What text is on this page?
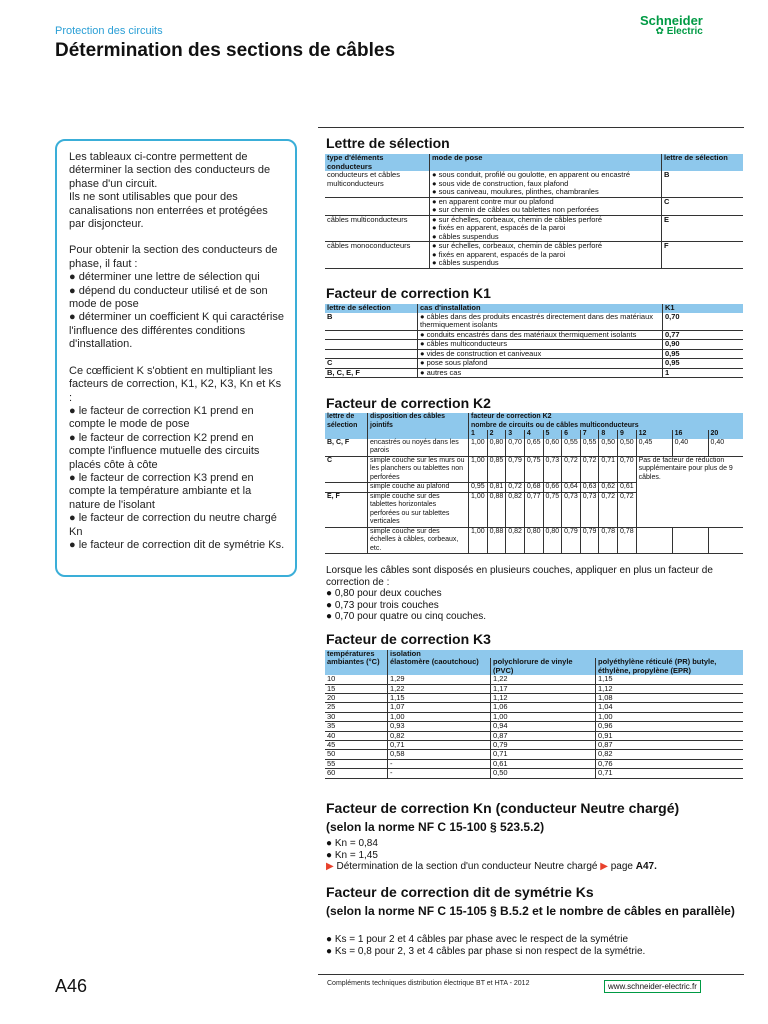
Protection des circuits
Détermination des sections de câbles
Schneider
✿ Electric

Les tableaux ci-contre permettent de déterminer la section des conducteurs de phase d'un circuit.

Ils ne sont utilisables que pour des canalisations non enterrées et protégées par disjoncteur.

Pour obtenir la section des conducteurs de phase, il faut :

● déterminer une lettre de sélection qui

● dépend du conducteur utilisé et de son mode de pose

● déterminer un coefficient K qui caractérise l'influence des différentes conditions d'installation.

Ce cœfficient K s'obtient en multipliant les facteurs de correction, K1, K2, K3, Kn et Ks :

● le facteur de correction K1 prend en compte le mode de pose

● le facteur de correction K2 prend en compte l'influence mutuelle des circuits placés côte à côte

● le facteur de correction K3 prend en compte la température ambiante et la nature de l'isolant

● le facteur de correction du neutre chargé Kn

● le facteur de correction dit de symétrie Ks.

Lettre de sélection
type d'éléments conducteurs	mode de pose	lettre de sélection
conducteurs et câbles multiconducteurs	● sous conduit, profilé ou goulotte, en apparent ou encastré
● sous vide de construction, faux plafond
● sous caniveau, moulures, plinthes, chambranles	B

	● en apparent contre mur ou plafond
● sur chemin de câbles ou tablettes non perforées	C
câbles multiconducteurs	● sur échelles, corbeaux, chemin de câbles perforé
● fixés en apparent, espacés de la paroi
● câbles suspendus	E
câbles monoconducteurs	● sur échelles, corbeaux, chemin de câbles perforé
● fixés en apparent, espacés de la paroi
● câbles suspendus	F
Facteur de correction K1
lettre de sélection	cas d'installation	K1
B	● câbles dans des produits encastrés directement dans des matériaux thermiquement isolants	0,70
	● conduits encastrés dans des matériaux thermiquement isolants	0,77
	● câbles multiconducteurs	0,90
	● vides de construction et caniveaux	0,95
C	● pose sous plafond	0,95
B, C, E, F	● autres cas	1
Facteur de correction K2
lettre de sélection	disposition des câbles jointifs	facteur de correction K2
nombre de circuits ou de câbles multiconducteurs											

		1	2	3	4	5	6	7	8	9	12	16	20
B, C, F	encastrés ou noyés dans les parois	1,00	0,80	0,70	0,65	0,60	0,55	0,55	0,50	0,50	0,45	0,40	0,40
C	simple couche sur les murs ou les planchers ou tablettes non perforées	1,00	0,85	0,79	0,75	0,73	0,72	0,72	0,71	0,70	Pas de facteur de réduction supplémentaire pour plus de 9 câbles.		
	simple couche au plafond	0,95	0,81	0,72	0,68	0,66	0,64	0,63	0,62	0,61			
E, F	simple couche sur des tablettes horizontales perforées ou sur tablettes verticales	1,00	0,88	0,82	0,77	0,75	0,73	0,73	0,72	0,72			
	simple couche sur des échelles à câbles, corbeaux, etc.	1,00	0,88	0,82	0,80	0,80	0,79	0,79	0,78	0,78			
Lorsque les câbles sont disposés en plusieurs couches, appliquer en plus un facteur de correction de :
● 0,80 pour deux couches
● 0,73 pour trois couches
● 0,70 pour quatre ou cinq couches.
Facteur de correction K3
températures ambiantes (°C)	isolation		
	élastomère (caoutchouc)	polychlorure de vinyle (PVC)	polyéthylène réticulé (PR) butyle, éthylène, propylène (EPR)
10	1,29	1,22	1,15
15	1,22	1,17	1,12
20	1,15	1,12	1,08
25	1,07	1,06	1,04
30	1,00	1,00	1,00
35	0,93	0,94	0,96
40	0,82	0,87	0,91
45	0,71	0,79	0,87
50	0,58	0,71	0,82
55	-	0,61	0,76
60	-	0,50	0,71
Facteur de correction Kn (conducteur Neutre chargé)
(selon la norme NF C 15-100 § 523.5.2)
● Kn = 0,84
● Kn = 1,45
▶ Détermination de la section d'un conducteur Neutre chargé ▶ page A47.
Facteur de correction dit de symétrie Ks
(selon la norme NF C 15-105 § B.5.2 et le nombre de câbles en parallèle)
● Ks = 1 pour 2 et 4 câbles par phase avec le respect de la symétrie
● Ks = 0,8 pour 2, 3 et 4 câbles par phase si non respect de la symétrie.
A46	Compléments techniques distribution électrique BT et HTA - 2012	www.schneider-electric.fr
